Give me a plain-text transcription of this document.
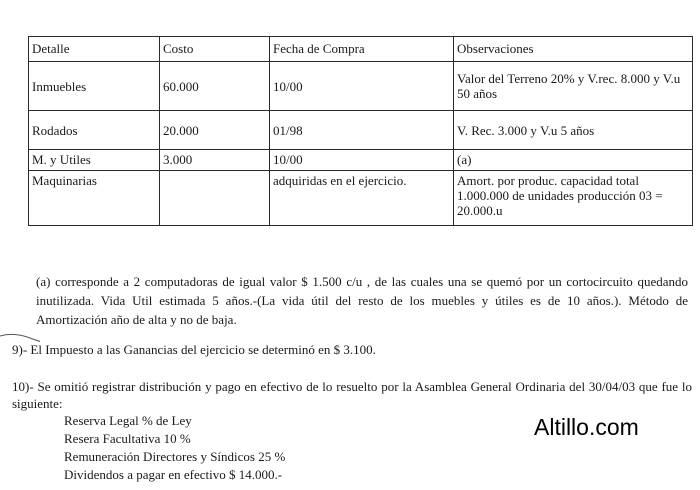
Detalle	Costo	Fecha de Compra	Observaciones
Inmuebles	60.000	10/00	Valor del Terreno 20% y V.rec. 8.000 y V.u 50 años
Rodados	20.000	01/98	V. Rec. 3.000 y V.u 5 años
M. y Utiles	3.000	10/00	(a)
Maquinarias		adquiridas en el ejercicio.	Amort. por produc. capacidad total 1.000.000 de unidades producción 03 = 20.000.u
(a) corresponde a 2 computadoras de igual valor $ 1.500 c/u , de las cuales una se quemó por un cortocircuito quedando inutilizada. Vida Util estimada 5 años.-(La vida útil del resto de los muebles y útiles es de 10 años.). Método de Amortización año de alta y no de baja.
9)- El Impuesto a las Ganancias del ejercicio se determinó en $ 3.100.
10)- Se omitió registrar distribución y pago en efectivo de lo resuelto por la Asamblea General Ordinaria del 30/04/03 que fue lo siguiente:
Reserva Legal % de Ley
Resera Facultativa 10 %
Remuneración Directores y Síndicos 25 %
Dividendos a pagar en efectivo $ 14.000.-
Altillo.com
